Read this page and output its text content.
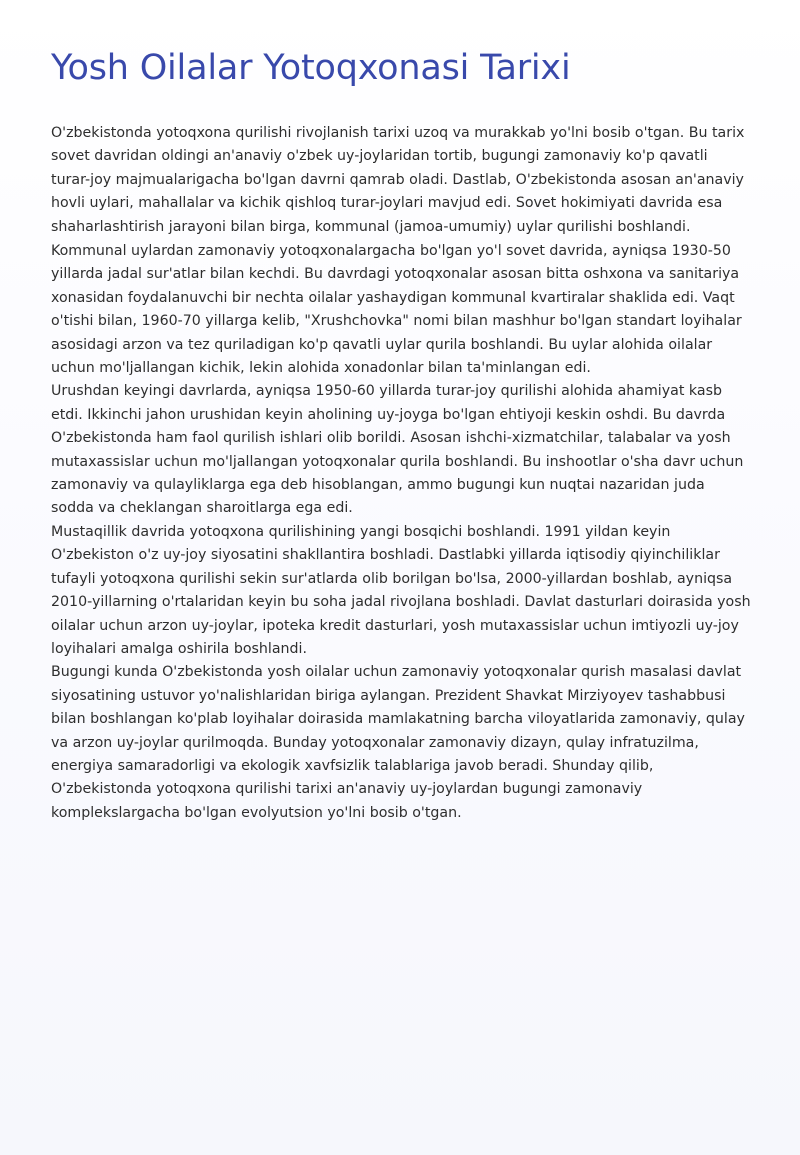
Yosh Oilalar Yotoqxonasi Tarixi

O'zbekistonda yotoqxona qurilishi rivojlanish tarixi uzoq va murakkab yo'lni bosib o'tgan. Bu tarix sovet davridan oldingi an'anaviy o'zbek uy-joylaridan tortib, bugungi zamonaviy ko'p qavatli turar-joy majmualarigacha bo'lgan davrni qamrab oladi. Dastlab, O'zbekistonda asosan an'anaviy hovli uylari, mahallalar va kichik qishloq turar-joylari mavjud edi. Sovet hokimiyati davrida esa shaharlashtirish jarayoni bilan birga, kommunal (jamoa-umumiy) uylar qurilishi boshlandi.

Kommunal uylardan zamonaviy yotoqxonalargacha bo'lgan yo'l sovet davrida, ayniqsa 1930-50 yillarda jadal sur'atlar bilan kechdi. Bu davrdagi yotoqxonalar asosan bitta oshxona va sanitariya xonasidan foydalanuvchi bir nechta oilalar yashaydigan kommunal kvartiralar shaklida edi. Vaqt o'tishi bilan, 1960-70 yillarga kelib, "Xrushchovka" nomi bilan mashhur bo'lgan standart loyihalar asosidagi arzon va tez quriladigan ko'p qavatli uylar qurila boshlandi. Bu uylar alohida oilalar uchun mo'ljallangan kichik, lekin alohida xonadonlar bilan ta'minlangan edi.

Urushdan keyingi davrlarda, ayniqsa 1950-60 yillarda turar-joy qurilishi alohida ahamiyat kasb etdi. Ikkinchi jahon urushidan keyin aholining uy-joyga bo'lgan ehtiyoji keskin oshdi. Bu davrda O'zbekistonda ham faol qurilish ishlari olib borildi. Asosan ishchi-xizmatchilar, talabalar va yosh mutaxassislar uchun mo'ljallangan yotoqxonalar qurila boshlandi. Bu inshootlar o'sha davr uchun zamonaviy va qulayliklarga ega deb hisoblangan, ammo bugungi kun nuqtai nazaridan juda sodda va cheklangan sharoitlarga ega edi.

Mustaqillik davrida yotoqxona qurilishining yangi bosqichi boshlandi. 1991 yildan keyin O'zbekiston o'z uy-joy siyosatini shakllantira boshladi. Dastlabki yillarda iqtisodiy qiyinchiliklar tufayli yotoqxona qurilishi sekin sur'atlarda olib borilgan bo'lsa, 2000-yillardan boshlab, ayniqsa 2010-yillarning o'rtalaridan keyin bu soha jadal rivojlana boshladi. Davlat dasturlari doirasida yosh oilalar uchun arzon uy-joylar, ipoteka kredit dasturlari, yosh mutaxassislar uchun imtiyozli uy-joy loyihalari amalga oshirila boshlandi.

Bugungi kunda O'zbekistonda yosh oilalar uchun zamonaviy yotoqxonalar qurish masalasi davlat siyosatining ustuvor yo'nalishlaridan biriga aylangan. Prezident Shavkat Mirziyoyev tashabbusi bilan boshlangan ko'plab loyihalar doirasida mamlakatning barcha viloyatlarida zamonaviy, qulay va arzon uy-joylar qurilmoqda. Bunday yotoqxonalar zamonaviy dizayn, qulay infratuzilma, energiya samaradorligi va ekologik xavfsizlik talablariga javob beradi. Shunday qilib, O'zbekistonda yotoqxona qurilishi tarixi an'anaviy uy-joylardan bugungi zamonaviy komplekslargacha bo'lgan evolyutsion yo'lni bosib o'tgan.
